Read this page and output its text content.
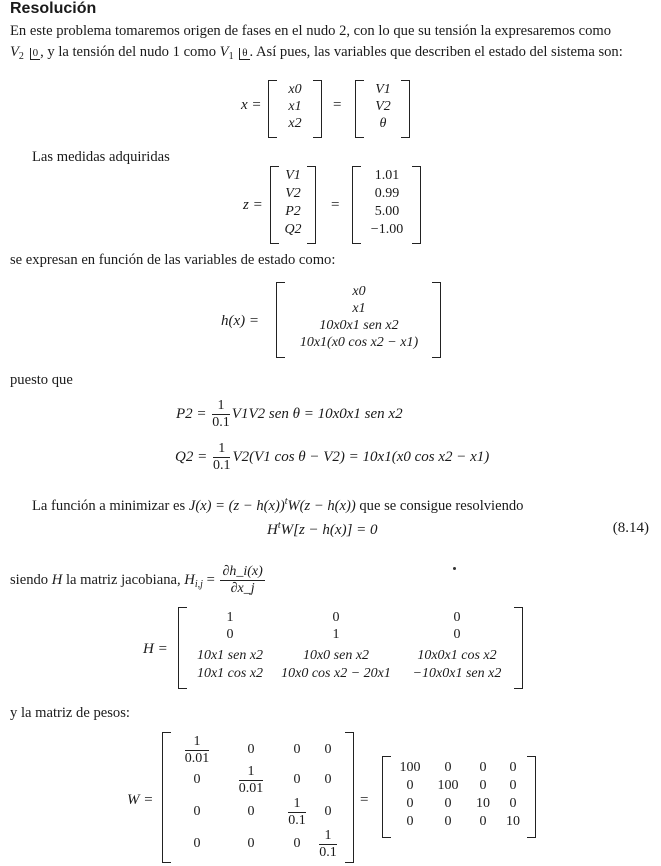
Resolución
En este problema tomaremos origen de fases en el nudo 2, con lo que su tensión la expresaremos como
$V_2$ 0 , y la tensión del nudo 1 como $V_1$ θ . Así pues, las variables que describen el estado del sistema son:
x =
x0
x1
x2
=
V1
V2
θ
Las medidas adquiridas
z =
V1
V2
P2
Q2
=
1.01
0.99
5.00
−1.00
se expresan en función de las variables de estado como:
h(x) =
x0
x1
10x0x1 sen x2
10x1(x0 cos x2 − x1)
puesto que
$P2 = \frac{1}{0.1} V1V2$ sen θ = 10x0x1 sen x2
$Q2 = \frac{1}{0.1} V2(V1$ cos θ − V2) = 10x1(x0 cos x2 − x1)
La función a minimizar es $J(x) = (z - h(x))^tW(z - h(x))$ que se consigue resolviendo
$H^tW[z - h(x)] = 0$	(8.14)
siendo H la matriz jacobiana, $H_{i,j} = \frac{\partial h\_i(x)}{\partial x\_j}$
H =
1	0	0
0	1	0
10x1 sen x2	10x0 sen x2	10x0x1 cos x2
10x1 cos x2	10x0 cos x2 − 20x1	−10x0x1 sen x2
y la matriz de pesos:
W =
$\frac{1}{0.01}$	0	0	0
0	$\frac{1}{0.01}$	0	0
0	0	$\frac{1}{0.1}$	0
0	0	0	$\frac{1}{0.1}$
=
100	0	0	0
0	100	0	0
0	0	10	0
0	0	0	10
